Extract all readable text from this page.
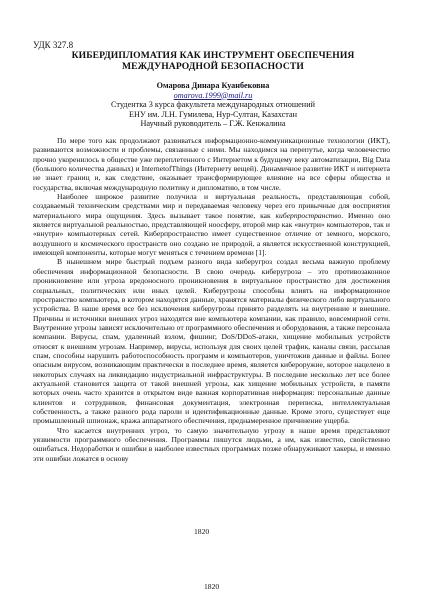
УДК 327.8
КИБЕРДИПЛОМАТИЯ КАК ИНСТРУМЕНТ ОБЕСПЕЧЕНИЯ
МЕЖДУНАРОДНОЙ БЕЗОПАСНОСТИ
Омарова Динара Куанбековна
omarova.1999@mail.ru
Студентка 3 курса факультета международных отношений
ЕНУ им. Л.Н. Гумилева, Нур-Султан, Казахстан
Научный руководитель – Г.Ж. Кенжалина

По мере того как продолжают развиваться информационно-коммуникационные технологии (ИКТ), развиваются возможности и проблемы, связанные с ними. Мы находимся на перепутье, когда человечество прочно укоренилось в обществе уже переплетенного с Интернетом к будущему веку автоматизации, Big Data (большого количества данных) и InternetofThings (Интернету вещей). Динамичное развитие ИКТ и интернета не знает границ и, как следствие, оказывает трансформирующее влияние на все сферы общества и государства, включая международную политику и дипломатию, в том числе.

Наиболее широкое развитие получила и виртуальная реальность, представляющая собой, создаваемый техническим средствами мир и передаваемая человеку через его привычные для восприятия материального мира ощущения. Здесь вызывает такое понятие, как киберпространство. Именно оно является виртуальной реальностью, представляющей ноосферу, второй мир как «внутри» компьютеров, так и «внутри» компьютерных сетей. Киберпространство имеет существенное отличие от земного, морского, воздушного и космического пространств оно создано не природой, а является искусственной конструкцией, имеющей компоненты, которые могут меняться с течением времени [1].

В нынешнем мире быстрый подъем разного вида киберугроз создал весьма важную проблему обеспечения информационной безопасности. В свою очередь киберугроза – это противозаконное проникновение или угроза вредоносного проникновения в виртуальное пространство для достижения социальных, политических или иных целей. Киберугрозы способны влиять на информационное пространство компьютера, в котором находятся данные, хранятся материалы физического либо виртуального устройства. В наше время все без исключения киберугрозы принято разделять на внутренние и внешние. Причины и источники внешних угроз находятся вне компьютера компании, как правило, вовсемирной сети. Внутренние угрозы зависят исключительно от программного обеспечения и оборудования, а также персонала компании. Вирусы, спам, удаленный взлом, фишинг, DoS/DDoS-атаки, хищение мобильных устройств относят к внешним угрозам. Например, вирусы, используя для своих целей трафик, каналы связи, рассылая спам, способны нарушить работоспособность программ и компьютеров, уничтожив данные и файлы. Более опасным вирусом, возникающим практически в последнее время, является кибероружие, которое нацелено в некоторых случаях на ликвидацию индустриальной инфраструктуры. В последние несколько лет все более актуальной становится защита от такой внешней угрозы, как хищение мобильных устройств, в памяти которых очень часто хранится в открытом виде важная корпоративная информация: персональные данные клиентов и сотрудников, финансовая документация, электронная переписка, интеллектуальная собственность, а также разного рода пароли и идентификационные данные. Кроме этого, существует еще промышленный шпионаж, кража аппаратного обеспечения, преднамеренное причинение ущерба.

Что касается внутренних угроз, то самую значительную угрозу в наше время представляют уязвимости программного обеспечения. Программы пишутся людьми, а им, как известно, свойственно ошибаться. Недоработки и ошибки в наиболее известных программах позже обнаруживают хакеры, и именно эти ошибки ложатся в основу

1820
1820
